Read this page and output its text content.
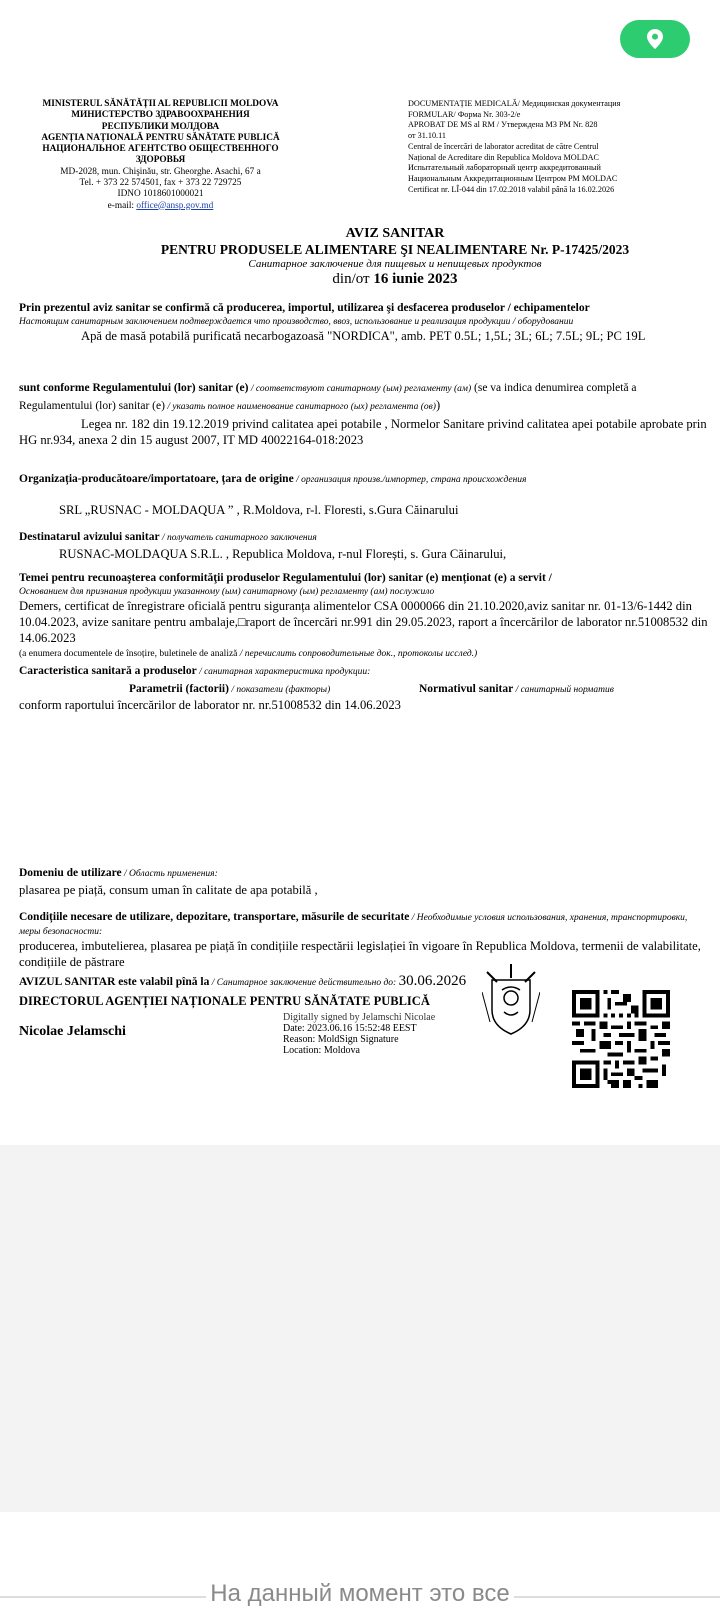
MINISTERUL SĂNĂTĂȚII AL REPUBLICII MOLDOVA
МИНИСТЕРСТВО ЗДРАВООХРАНЕНИЯ
РЕСПУБЛИКИ МОЛДОВА
AGENȚIA NAȚIONALĂ PENTRU SĂNĂTATE PUBLICĂ
НАЦИОНАЛЬНОЕ АГЕНТСТВО ОБЩЕСТВЕННОГО
ЗДОРОВЬЯ
MD-2028, mun. Chişinău, str. Gheorghe. Asachi, 67 a
Tel. + 373 22 574501, fax + 373 22 729725
IDNO 1018601000021
e-mail: office@ansp.gov.md
DOCUMENTAȚIE MEDICALĂ/ Медицинская документация
FORMULAR/ Форма Nr. 303-2/e
APROBAT DE MS al RM / Утверждена МЗ РМ Nr. 828
от 31.10.11
Central de încercări de laborator acreditat de către Centrul
Național de Acreditare din Republica Moldova MOLDAC
Испытательный лабораторный центр аккредитованный
Национальным Аккредитационным Центром РМ MOLDAC
Certificat nr. LÎ-044 din 17.02.2018 valabil până la 16.02.2026
AVIZ SANITAR
PENTRU PRODUSELE ALIMENTARE ŞI NEALIMENTARE Nr. P-17425/2023
Санитарное заключение для пищевых и непищевых продуктов
din/от 16 iunie 2023
Prin prezentul aviz sanitar se confirmă că producerea, importul, utilizarea şi desfacerea produselor / echipamentelor
Настоящим санитарным заключением подтверждается что производство, ввоз, использование и реализация продукции / оборудовании
Apă de masă potabilă purificată necarbogazoasă "NORDICA", amb. PET 0.5L; 1,5L; 3L; 6L; 7.5L; 9L; PC 19L
sunt conforme Regulamentului (lor) sanitar (e) / соответствуют санитарному (ым) регламенту (ам) (se va indica denumirea completă a Regulamentului (lor) sanitar (e) / указать полное наименование санитарного (ых) регламента (ов))
Legea nr. 182 din 19.12.2019 privind calitatea apei potabile , Normelor Sanitare privind calitatea apei potabile aprobate prin HG nr.934, anexa 2 din 15 august 2007, IT MD 40022164-018:2023
Organizația-producătoare/importatoare, țara de origine / организация произв./импортер, страна происхождения
SRL „RUSNAC - MOLDAQUA ” , R.Moldova, r-l. Floresti, s.Gura Căinarului
Destinatarul avizului sanitar / получатель санитарного заключения
RUSNAC-MOLDAQUA S.R.L. , Republica Moldova, r-nul Florești, s. Gura Căinarului,
Temei pentru recunoaşterea conformităţii produselor Regulamentului (lor) sanitar (e) menționat (e) a servit /
Основанием для признания продукции указанному (ым) санитарному (ым) регламенту (ам) послужило
Demers, certificat de înregistrare oficială pentru siguranța alimentelor CSA 0000066 din 21.10.2020,aviz sanitar nr. 01-13/6-1442 din 10.04.2023, avize sanitare pentru ambalaje,□raport de încercări nr.991 din 29.05.2023, raport a încercărilor de laborator nr.51008532 din 14.06.2023
(a enumera documentele de însoțire, buletinele de analiză / перечислить сопроводительные док., протоколы исслед.)
Caracteristica sanitară a produselor / санитарная характеристика продукции:
Parametrii (factorii) / показатели (факторы)	Normativul sanitar / санитарный норматив
conform raportului încercărilor de laborator nr. nr.51008532 din 14.06.2023
Domeniu de utilizare / Область применения:
plasarea pe piață, consum uman în calitate de apa potabilă ,
Condițiile necesare de utilizare, depozitare, transportare, măsurile de securitate / Необходимые условия использования, хранения, транспортировки, меры безопасности:
producerea, imbutelierea, plasarea pe piață în condițiile respectării legislației în vigoare în Republica Moldova, termenii de valabilitate, condițiile de păstrare
AVIZUL SANITAR este valabil pînă la / Санитарное заключение действительно до: 30.06.2026
DIRECTORUL AGENȚIEI NAȚIONALE PENTRU SĂNĂTATE PUBLICĂ
Nicolae Jelamschi
Digitally signed by Jelamschi Nicolae
Date: 2023.06.16 15:52:48 EEST
Reason: MoldSign Signature
Location: Moldova
На данный момент это все
